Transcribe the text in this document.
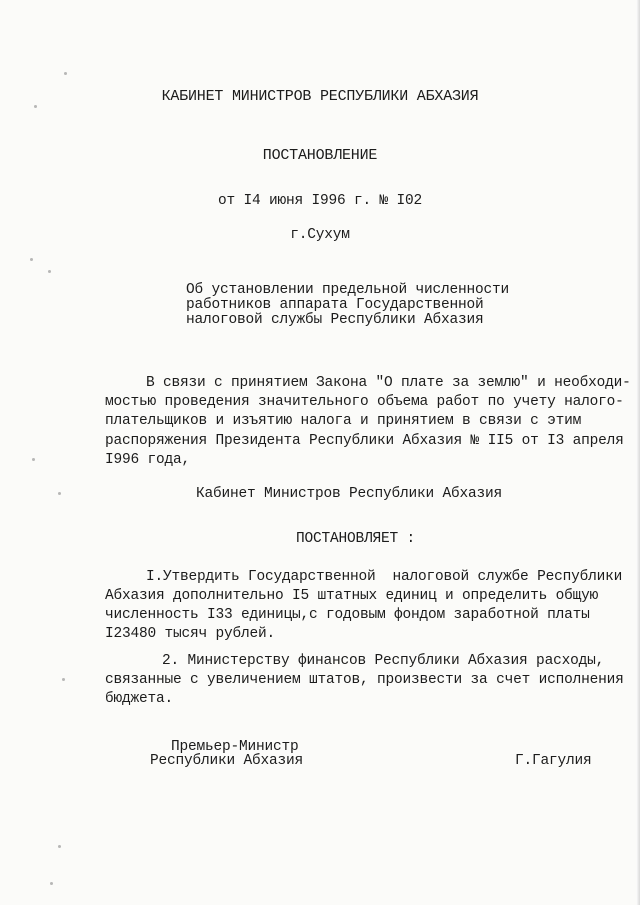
КАБИНЕТ МИНИСТРОВ РЕСПУБЛИКИ АБХАЗИЯ
ПОСТАНОВЛЕНИЕ
от I4 июня I996 г. № I02
г.Сухум
Об установлении предельной численности
работников аппарата Государственной
налоговой службы Республики Абхазия
В связи с принятием Закона "О плате за землю" и необходи-
мостью проведения значительного объема работ по учету налого-
плательщиков и изъятию налога и принятием в связи с этим
распоряжения Президента Республики Абхазия № II5 от I3 апреля
I996 года,
Кабинет Министров Республики Абхазия
ПОСТАНОВЛЯЕТ :
I.Утвердить Государственной  налоговой службе Республики
Абхазия дополнительно I5 штатных единиц и определить общую
численность I33 единицы,с годовым фондом заработной платы
I23480 тысяч рублей.
2. Министерству финансов Республики Абхазия расходы,
связанные с увеличением штатов, произвести за счет исполнения
бюджета.
Премьер-Министр
Республики Абхазия	Г.Гагулия
